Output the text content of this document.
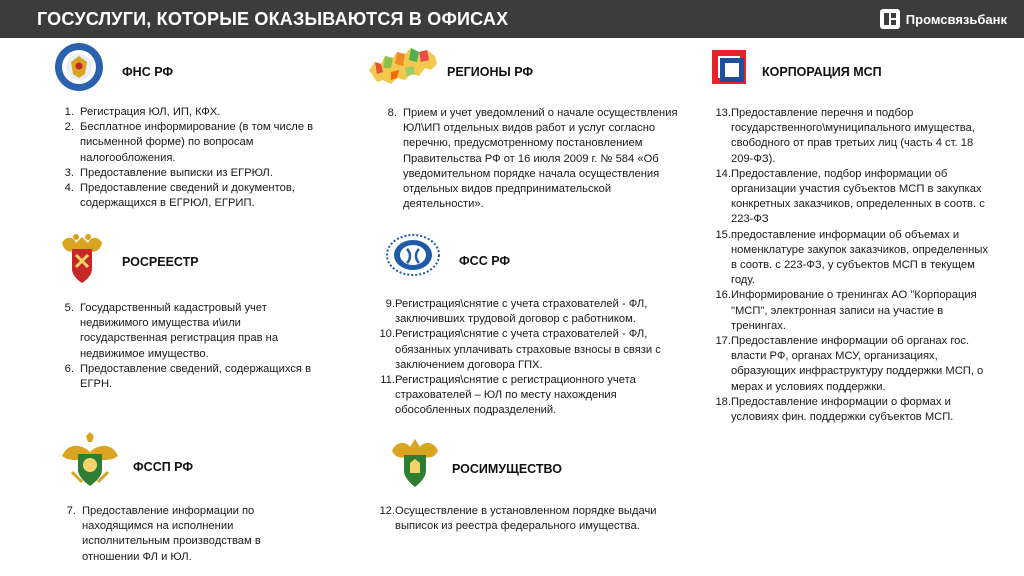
ГОСУСЛУГИ, КОТОРЫЕ ОКАЗЫВАЮТСЯ В ОФИСАХ	Промсвязьбанк
ФНС РФ
1. Регистрация ЮЛ, ИП, КФХ.
2. Бесплатное информирование (в том числе в письменной форме) по вопросам налогообложения.
3. Предоставление выписки из ЕГРЮЛ.
4. Предоставление сведений и документов, содержащихся в ЕГРЮЛ, ЕГРИП.
РЕГИОНЫ РФ
8. Прием и учет уведомлений о начале осуществления ЮЛ\ИП отдельных видов работ и услуг согласно перечню, предусмотренному постановлением Правительства РФ от 16 июля 2009 г. № 584 «Об уведомительном порядке начала осуществления отдельных видов предпринимательской деятельности».
КОРПОРАЦИЯ МСП
13. Предоставление перечня и подбор государственного\муниципального имущества, свободного от прав третьих лиц (часть 4 ст. 18 209-ФЗ).
14. Предоставление, подбор информации об организации участия субъектов МСП в закупках конкретных заказчиков, определенных в соотв. с 223-ФЗ
15. предоставление информации об объемах и номенклатуре закупок заказчиков, определенных в соотв. с 223-ФЗ, у субъектов МСП в текущем году.
16. Информирование о тренингах АО "Корпорация "МСП", электронная записи на участие в тренингах.
17. Предоставление информации об органах гос. власти РФ, органах МСУ, организациях, образующих инфраструктуру поддержки МСП, о мерах и условиях поддержки.
18. Предоставление информации о формах и условиях фин. поддержки субъектов МСП.
РОСРЕЕСТР
5. Государственный кадастровый учет недвижимого имущества и\или государственная регистрация прав на недвижимое имущество.
6. Предоставление сведений, содержащихся в ЕГРН.
ФСС РФ
9. Регистрация\снятие с учета страхователей - ФЛ, заключивших трудовой договор с работником.
10. Регистрация\снятие с учета страхователей - ФЛ, обязанных уплачивать страховые взносы в связи с заключением договора ГПХ.
11. Регистрация\снятие с регистрационного учета страхователей – ЮЛ по месту нахождения обособленных подразделений.
ФССП РФ
7. Предоставление информации по находящимся на исполнении исполнительным производствам в отношении ФЛ и ЮЛ.
РОСИМУЩЕСТВО
12. Осуществление в установленном порядке выдачи выписок из реестра федерального имущества.
